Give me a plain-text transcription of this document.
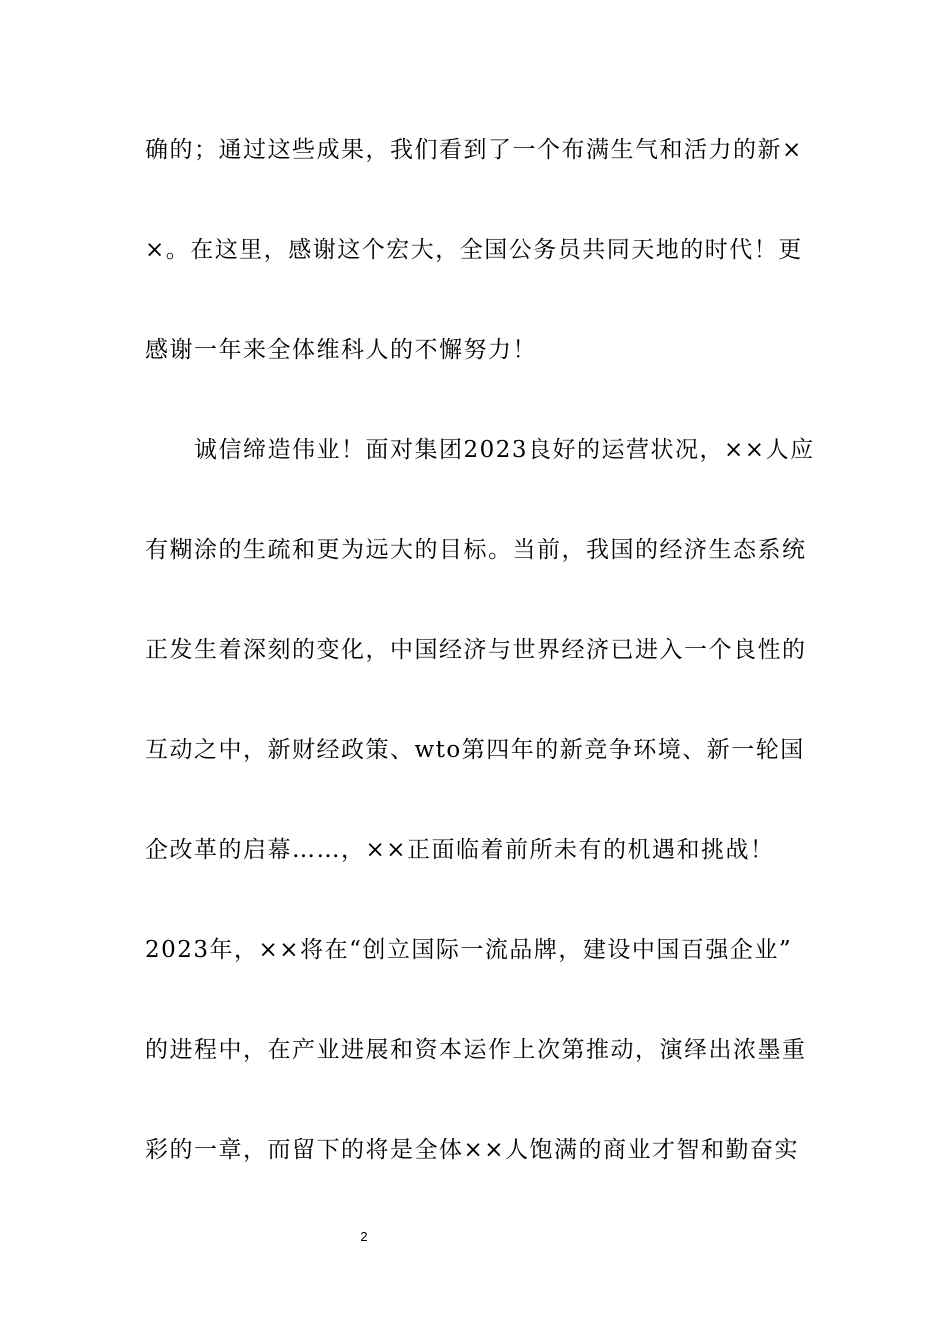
确的；通过这些成果，我们看到了一个布满生气和活力的新×
×。在这里，感谢这个宏大，全国公务员共同天地的时代！更
感谢一年来全体维科人的不懈努力！
诚信缔造伟业！面对集团2023良好的运营状况，××人应
有糊涂的生疏和更为远大的目标。当前，我国的经济生态系统
正发生着深刻的变化，中国经济与世界经济已进入一个良性的
互动之中，新财经政策、wto第四年的新竞争环境、新一轮国
企改革的启幕……，××正面临着前所未有的机遇和挑战！
2023年，××将在“创立国际一流品牌，建设中国百强企业”
的进程中，在产业进展和资本运作上次第推动，演绎出浓墨重
彩的一章，而留下的将是全体××人饱满的商业才智和勤奋实
2
